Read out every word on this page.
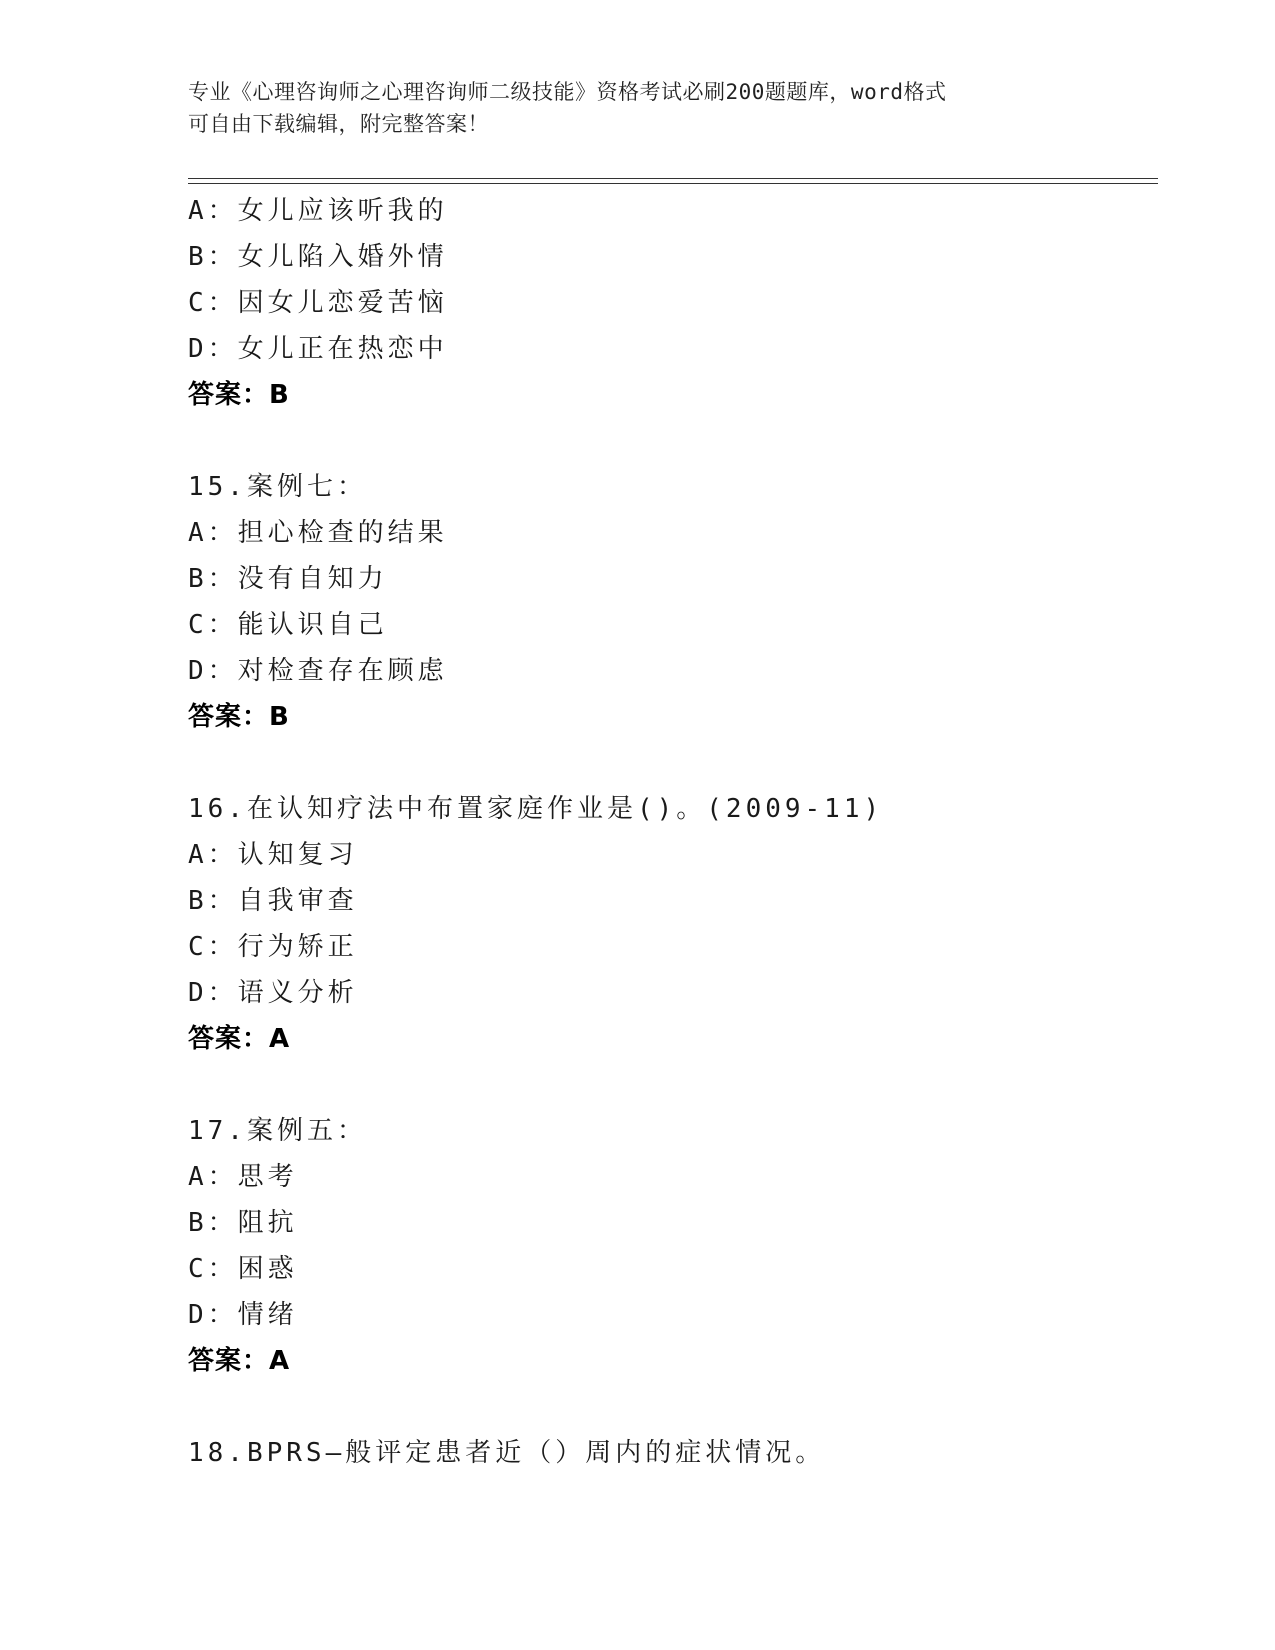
专业《心理咨询师之心理咨询师二级技能》资格考试必刷200题题库，word格式
可自由下载编辑，附完整答案！
A：女儿应该听我的
B：女儿陷入婚外情
C：因女儿恋爱苦恼
D：女儿正在热恋中
答案：B
15.案例七：
A：担心检查的结果
B：没有自知力
C：能认识自己
D：对检查存在顾虑
答案：B
16.在认知疗法中布置家庭作业是()。(2009-11)
A：认知复习
B：自我审查
C：行为矫正
D：语义分析
答案：A
17.案例五：
A：思考
B：阻抗
C：困惑
D：情绪
答案：A
18.BPRS—般评定患者近（）周内的症状情况。
